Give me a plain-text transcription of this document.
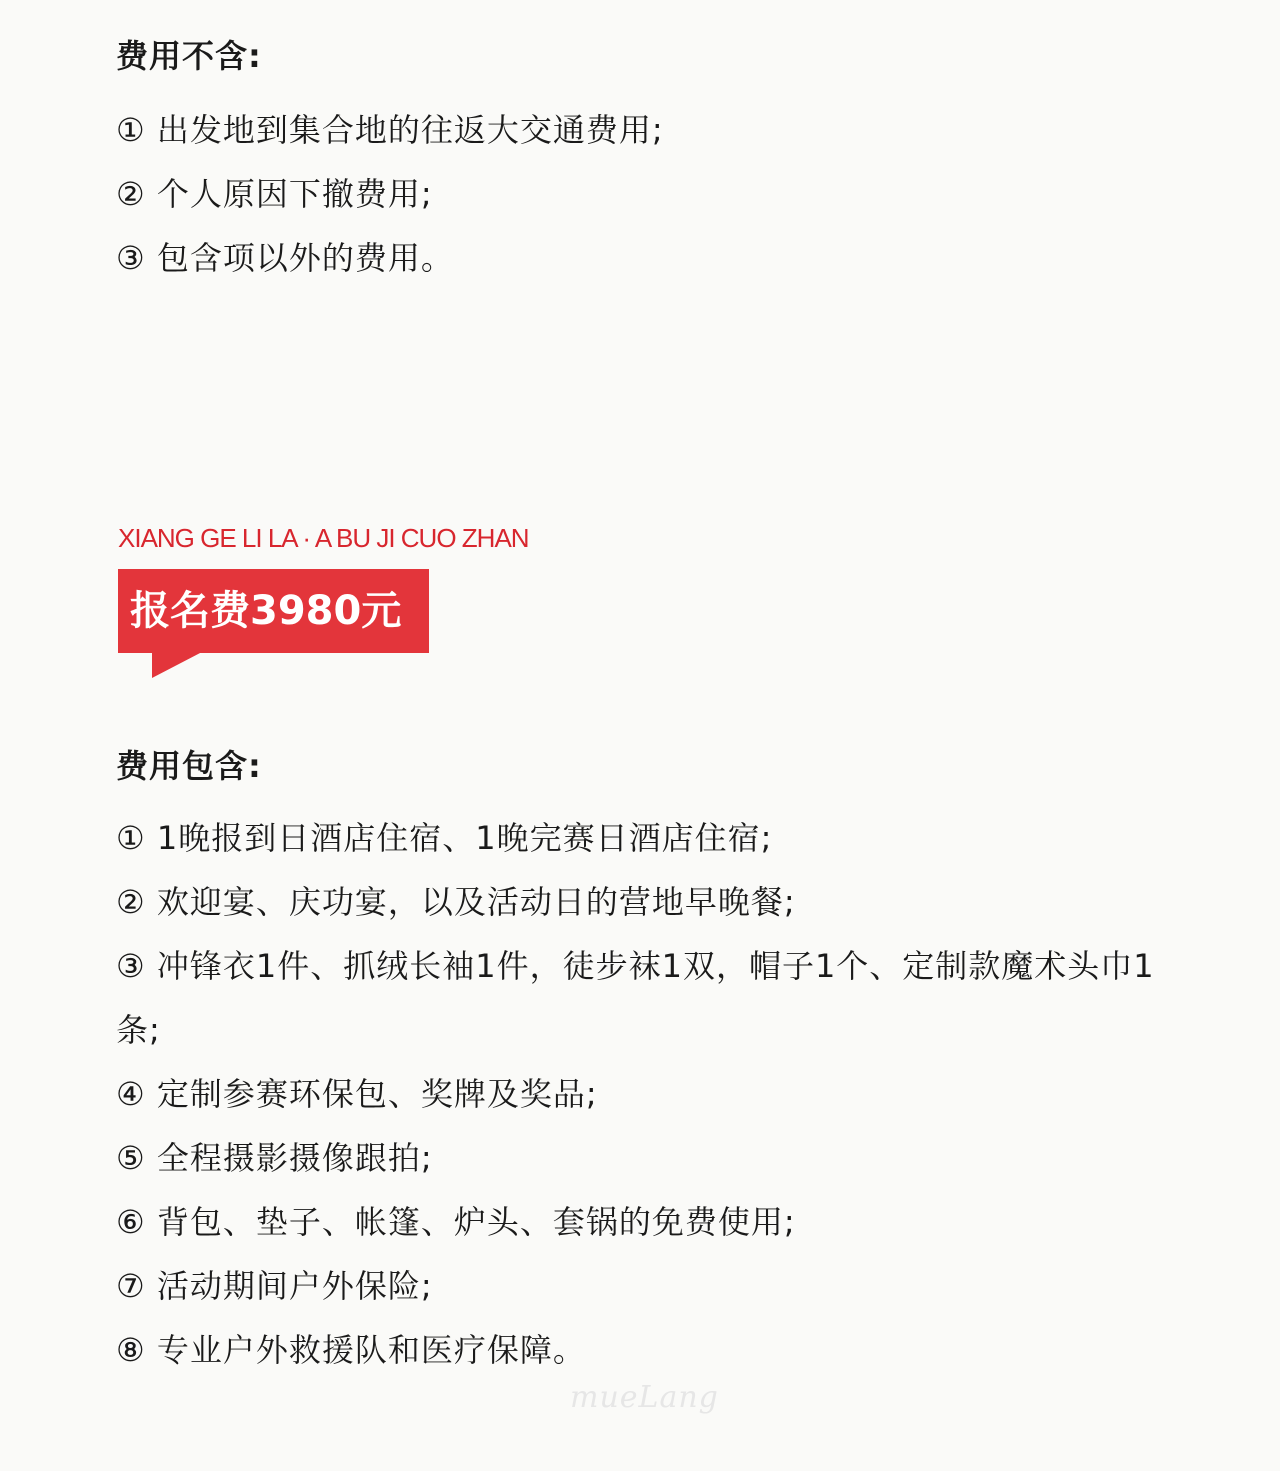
费用不含:
① 出发地到集合地的往返大交通费用;
② 个人原因下撤费用;
③ 包含项以外的费用。

XIANG GE LI LA · A BU JI CUO ZHAN

报名费3980元
费用包含:
① 1晚报到日酒店住宿、1晚完赛日酒店住宿;
② 欢迎宴、庆功宴，以及活动日的营地早晚餐;
③ 冲锋衣1件、抓绒长袖1件，徒步袜1双，帽子1个、定制款魔术头巾1条;
④ 定制参赛环保包、奖牌及奖品;
⑤ 全程摄影摄像跟拍;
⑥ 背包、垫子、帐篷、炉头、套锅的免费使用;
⑦ 活动期间户外保险;
⑧ 专业户外救援队和医疗保障。
mueLang
